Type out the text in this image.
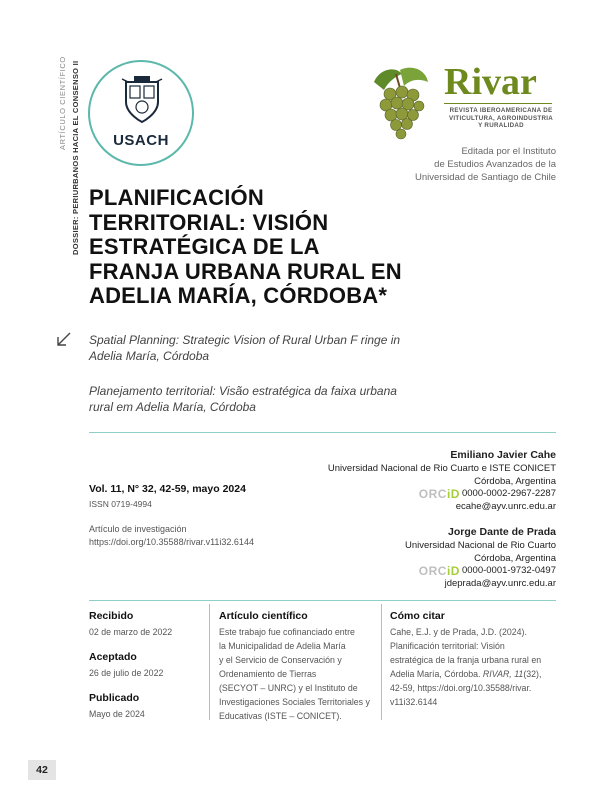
ARTÍCULO CIENTÍFICO DOSSIER: PERIURBANOS HACIA EL CONSENSO II	USACH
Rivar
REVISTA IBEROAMERICANA DE
VITICULTURA, AGROINDUSTRIA
Y RURALIDAD
Editada por el Instituto
de Estudios Avanzados de la
Universidad de Santiago de Chile
PLANIFICACIÓN
TERRITORIAL: VISIÓN
ESTRATÉGICA DE LA
FRANJA URBANA RURAL EN
ADELIA MARÍA, CÓRDOBA*
Spatial Planning: Strategic Vision of Rural Urban F ringe in
Adelia María, Córdoba
Planejamento territorial: Visão estratégica da faixa urbana
rural em Adelia María, Córdoba
Emiliano Javier Cahe
Universidad Nacional de Rio Cuarto e ISTE CONICET
Córdoba, Argentina
ORCiD 0000-0002-2967-2287
ecahe@ayv.unrc.edu.ar
Jorge Dante de Prada
Universidad Nacional de Rio Cuarto
Córdoba, Argentina
ORCiD 0000-0001-9732-0497
jdeprada@ayv.unrc.edu.ar
Vol. 11, N° 32, 42-59, mayo 2024
ISSN 0719-4994
Artículo de investigación
https://doi.org/10.35588/rivar.v11i32.6144
Recibido
02 de marzo de 2022
Aceptado
26 de julio de 2022
Publicado
Mayo de 2024
Artículo científico
Este trabajo fue cofinanciado entre
la Municipalidad de Adelia María
y el Servicio de Conservación y
Ordenamiento de Tierras
(SECYOT – UNRC) y el Instituto de
Investigaciones Sociales Territoriales y
Educativas (ISTE – CONICET).
Cómo citar
Cahe, E.J. y de Prada, J.D. (2024).
Planificación territorial: Visión
estratégica de la franja urbana rural en
Adelia María, Córdoba. RIVAR, 11(32),
42-59, https://doi.org/10.35588/rivar.
v11i32.6144
42
